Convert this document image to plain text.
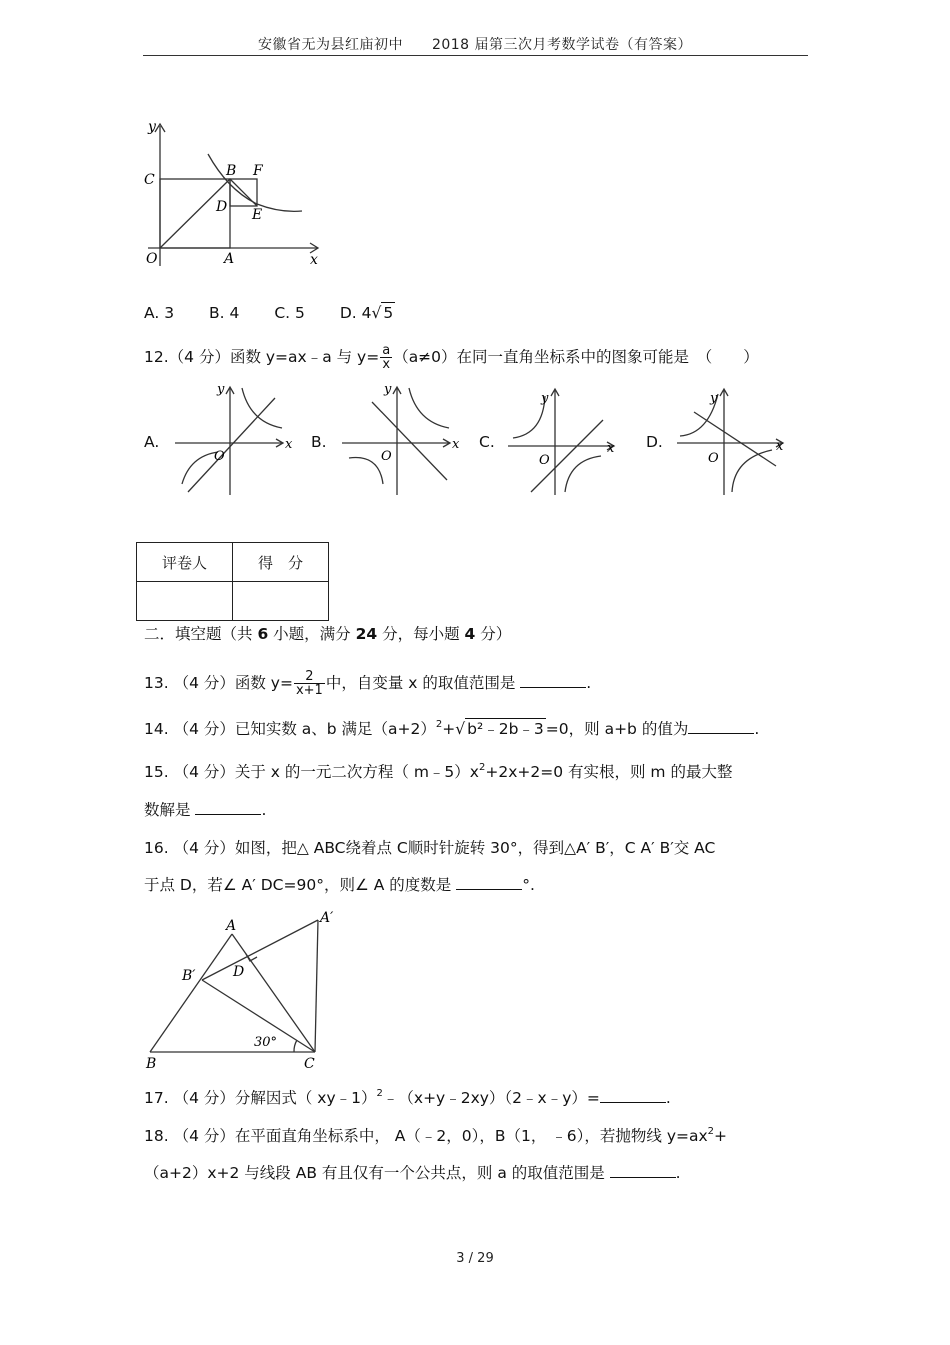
安徽省无为县红庙初中　　2018 届第三次月考数学试卷（有答案）
y
x
O	A
C
B F
D E
A. 3 B. 4 C. 5 D. 4√ 5
12.（4 分）函数 y=ax﹣a 与 $y= \frac{a}{x} (a\ne 0)$在同一直角坐标系中的图象可能是　（　　）
A.	B.	C.	D.
x
y
O
x
y
O
x
y
O
x
y
O
评卷人	得　分

二．填空题（共 6 小题，满分 24 分，每小题 4 分）
13. （4 分）函数 $y= \frac{2}{x+1}$ 中，自变量 x 的取值范围是	.
14. （4 分）已知实数 a、b 满足$(a+2)^2+√$ b²﹣2b﹣3 =0，则 a+b 的值为	.
15. （4 分）关于 x 的一元二次方程（ $m﹣5)x^2+2x+2=0$ 有实根，则 m 的最大整
数解是	.
16. （4 分）如图，把△ ABC绕着点 C顺时针旋转 30°，得到△A′ B′，C A′ B′交 AC
于点 D，若∠ A′ DC=90°，则∠ A 的度数是	°.
A	A′
B′	D
B	C
30°
17. （4 分）分解因式（ xy﹣1）$^2$﹣（x+y﹣2xy）（2﹣x﹣y）=	.
18. （4 分）在平面直角坐标系中， A（﹣2，0），B（1， ﹣6），若抛物线 $y=ax^2+$
（a+2）x+2 与线段 AB 有且仅有一个公共点，则 a 的取值范围是	.
3 / 29
